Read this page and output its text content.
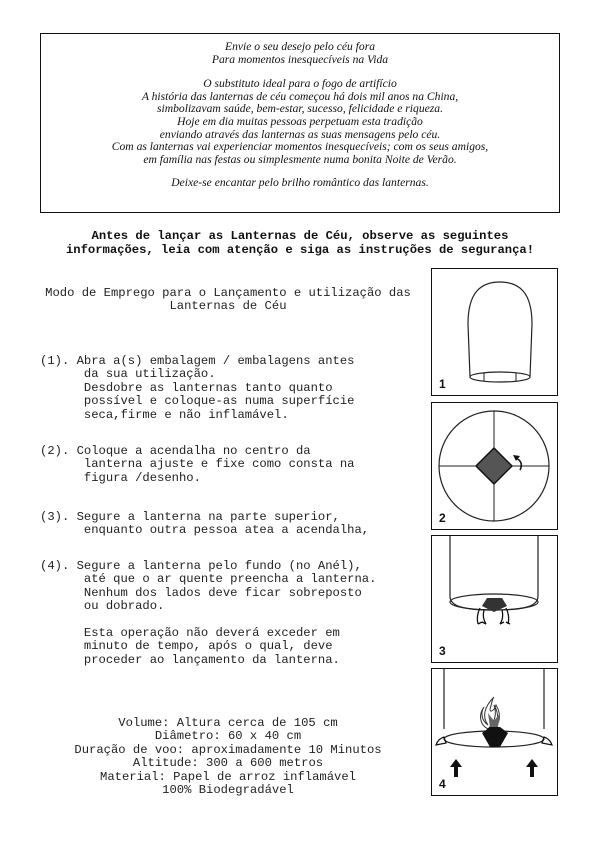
Envie o seu desejo pelo céu fora
Para momentos inesquecíveis na Vida
O substituto ideal para o fogo de artifício
A história das lanternas de céu começou há dois mil anos na China,
simbolizavam saúde, bem-estar, sucesso, felicidade e riqueza.
Hoje em dia muitas pessoas perpetuam esta tradição
enviando através das lanternas as suas mensagens pelo céu.
Com as lanternas vai experienciar momentos inesquecíveis; com os seus amigos,
em família nas festas ou simplesmente numa bonita Noite de Verão.
Deixe-se encantar pelo brilho romântico das lanternas.
Antes de lançar as Lanternas de Céu, observe as seguintes
informações, leia com atenção e siga as instruções de segurança!
Modo de Emprego para o Lançamento e utilização das
Lanternas de Céu
(1). Abra a(s) embalagem / embalagens antes
da sua utilização.
Desdobre as lanternas tanto quanto
possível e coloque-as numa superfície
seca,firme e não inflamável.
(2). Coloque a acendalha no centro da
lanterna ajuste e fixe como consta na
figura /desenho.
(3). Segure a lanterna na parte superior,
enquanto outra pessoa atea a acendalha,
(4). Segure a lanterna pelo fundo (no Anél),
até que o ar quente preencha a lanterna.
Nenhum dos lados deve ficar sobreposto
ou dobrado.

Esta operação não deverá exceder em
minuto de tempo, após o qual, deve
proceder ao lançamento da lanterna.
Volume: Altura cerca de 105 cm
Diâmetro: 60 x 40 cm
Duração de voo: aproximadamente 10 Minutos
Altitude: 300 a 600 metros
Material: Papel de arroz inflamável
100% Biodegradável
1
2
3
4
